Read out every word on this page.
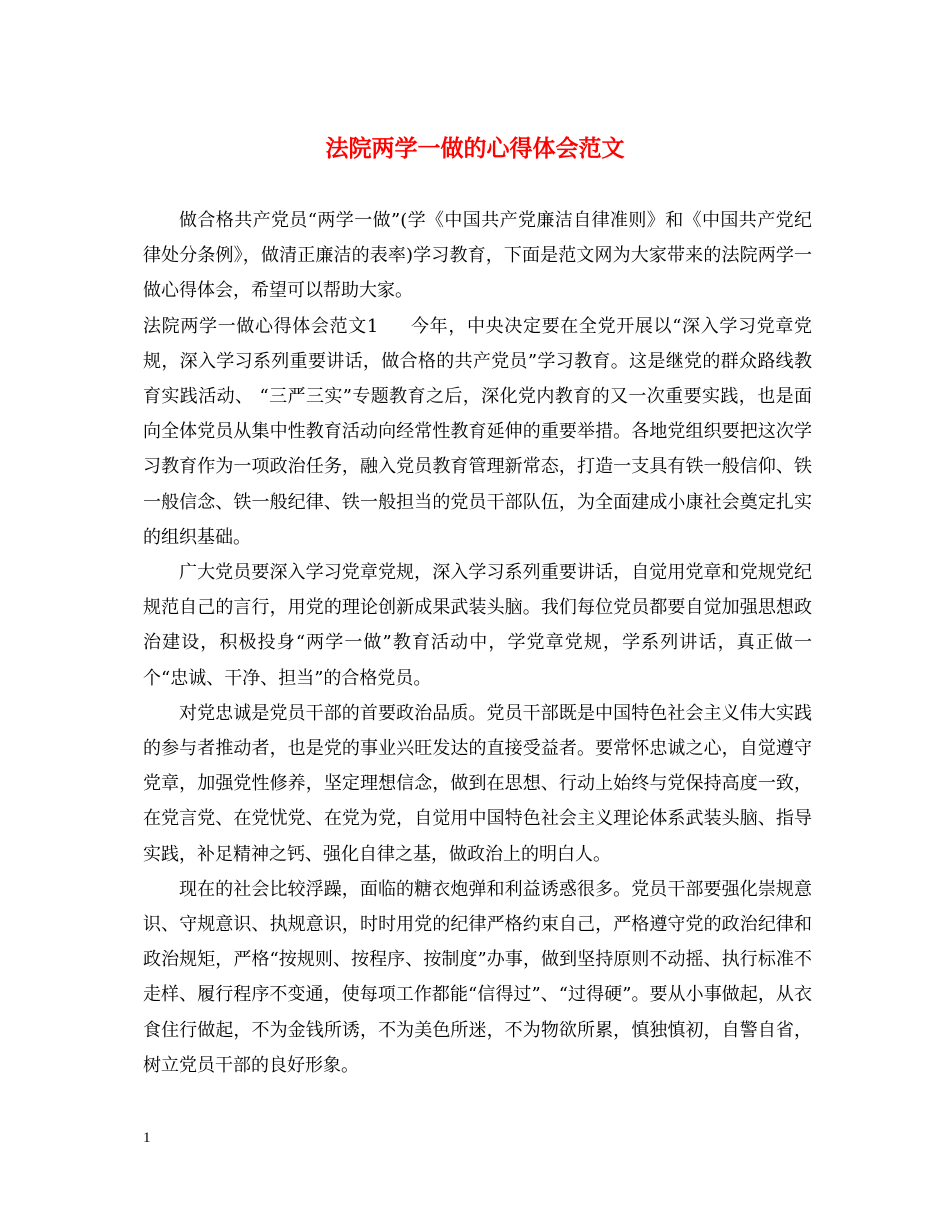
法院两学一做的心得体会范文

做合格共产党员“两学一做”(学《中国共产党廉洁自律准则》和《中国共产党纪律处分条例》，做清正廉洁的表率)学习教育，下面是范文网为大家带来的法院两学一做心得体会，希望可以帮助大家。

法院两学一做心得体会范文1 今年，中央决定要在全党开展以“深入学习党章党规，深入学习系列重要讲话，做合格的共产党员”学习教育。这是继党的群众路线教育实践活动、 “三严三实”专题教育之后，深化党内教育的又一次重要实践，也是面向全体党员从集中性教育活动向经常性教育延伸的重要举措。各地党组织要把这次学习教育作为一项政治任务，融入党员教育管理新常态，打造一支具有铁一般信仰、铁一般信念、铁一般纪律、铁一般担当的党员干部队伍，为全面建成小康社会奠定扎实的组织基础。

广大党员要深入学习党章党规，深入学习系列重要讲话，自觉用党章和党规党纪规范自己的言行，用党的理论创新成果武装头脑。我们每位党员都要自觉加强思想政治建设，积极投身“两学一做”教育活动中，学党章党规，学系列讲话，真正做一个“忠诚、干净、担当”的合格党员。

对党忠诚是党员干部的首要政治品质。党员干部既是中国特色社会主义伟大实践的参与者推动者，也是党的事业兴旺发达的直接受益者。要常怀忠诚之心，自觉遵守党章，加强党性修养，坚定理想信念，做到在思想、行动上始终与党保持高度一致，在党言党、在党忧党、在党为党，自觉用中国特色社会主义理论体系武装头脑、指导实践，补足精神之钙、强化自律之基，做政治上的明白人。

现在的社会比较浮躁，面临的糖衣炮弹和利益诱惑很多。党员干部要强化崇规意识、守规意识、执规意识，时时用党的纪律严格约束自己，严格遵守党的政治纪律和政治规矩，严格“按规则、按程序、按制度”办事，做到坚持原则不动摇、执行标准不走样、履行程序不变通，使每项工作都能“信得过”、“过得硬”。要从小事做起，从衣食住行做起，不为金钱所诱，不为美色所迷，不为物欲所累，慎独慎初，自警自省，树立党员干部的良好形象。

1
